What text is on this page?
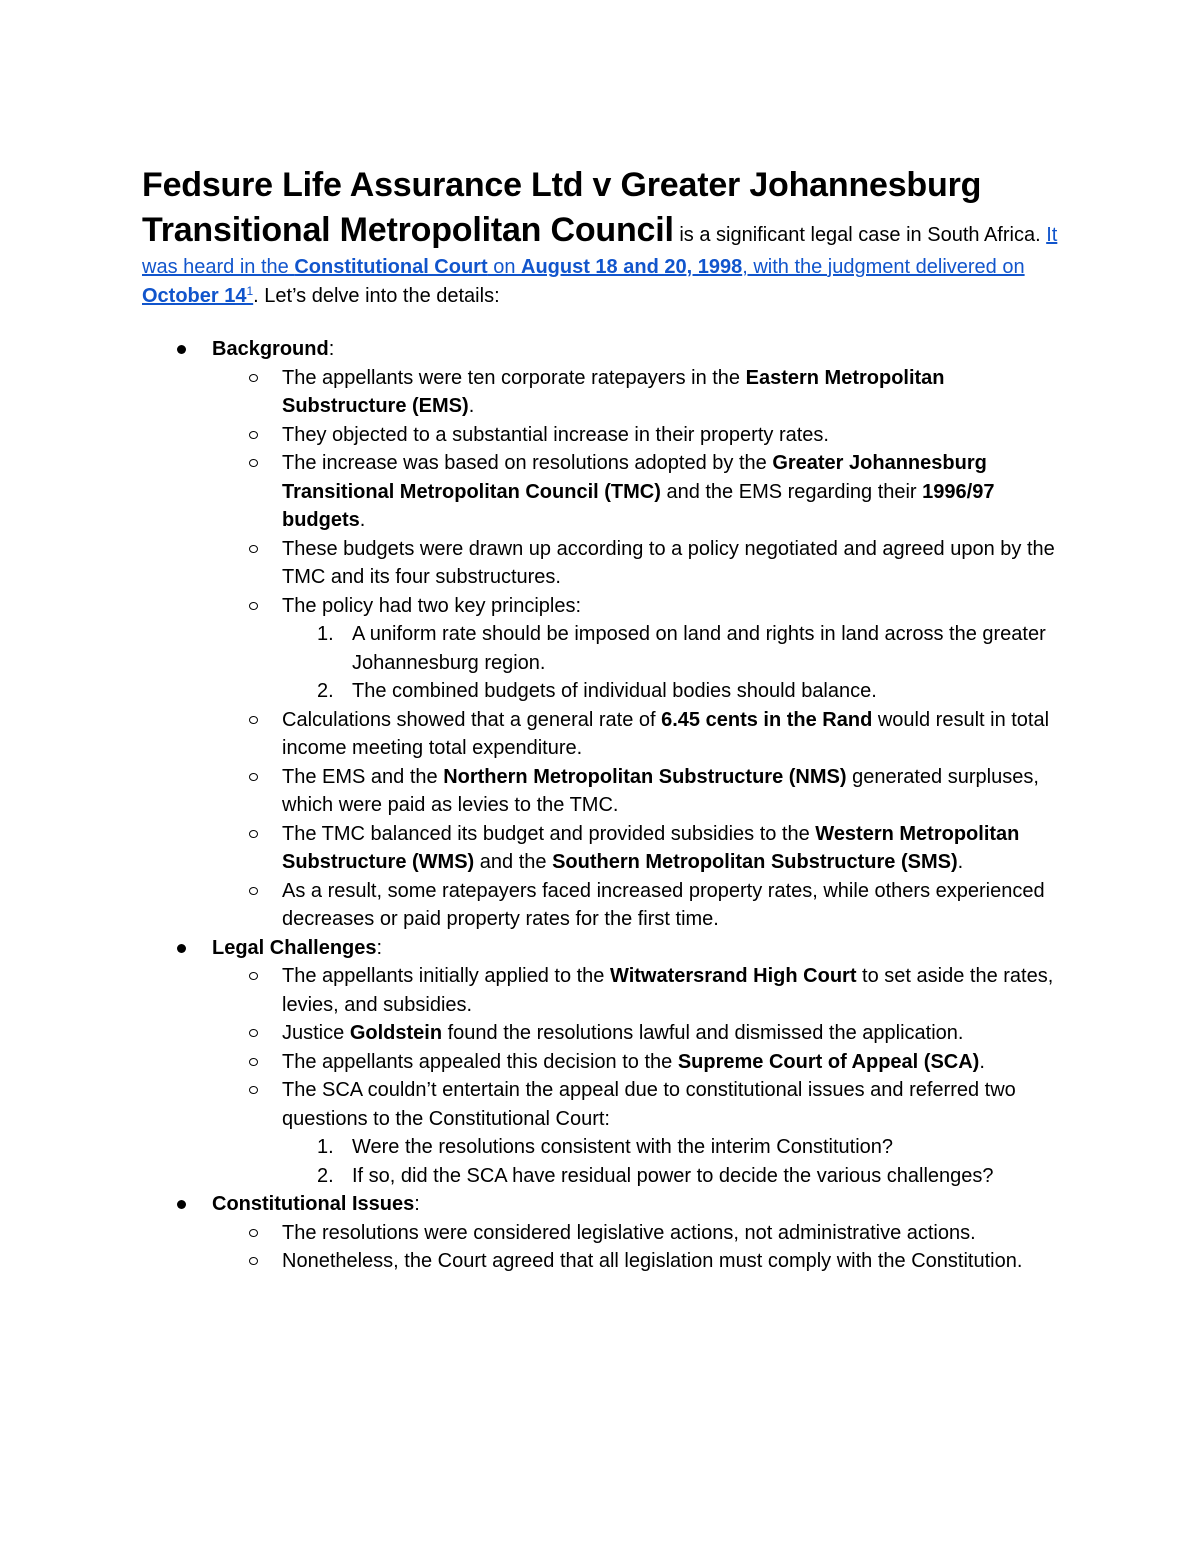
Fedsure Life Assurance Ltd v Greater Johannesburg
Transitional Metropolitan Council is a significant legal case in South Africa. It was heard in the Constitutional Court on August 18 and 20, 1998, with the judgment delivered on October $14^1$. Let’s delve into the details:

Background:
The appellants were ten corporate ratepayers in the Eastern Metropolitan Substructure (EMS).
They objected to a substantial increase in their property rates.
The increase was based on resolutions adopted by the Greater Johannesburg Transitional Metropolitan Council (TMC) and the EMS regarding their 1996/97 budgets.
These budgets were drawn up according to a policy negotiated and agreed upon by the TMC and its four substructures.
The policy had two key principles:
1. A uniform rate should be imposed on land and rights in land across the greater Johannesburg region.
2. The combined budgets of individual bodies should balance.
Calculations showed that a general rate of 6.45 cents in the Rand would result in total income meeting total expenditure.
The EMS and the Northern Metropolitan Substructure (NMS) generated surpluses, which were paid as levies to the TMC.
The TMC balanced its budget and provided subsidies to the Western Metropolitan Substructure (WMS) and the Southern Metropolitan Substructure (SMS).
As a result, some ratepayers faced increased property rates, while others experienced decreases or paid property rates for the first time.
Legal Challenges:
The appellants initially applied to the Witwatersrand High Court to set aside the rates, levies, and subsidies.
Justice Goldstein found the resolutions lawful and dismissed the application.
The appellants appealed this decision to the Supreme Court of Appeal (SCA).
The SCA couldn’t entertain the appeal due to constitutional issues and referred two questions to the Constitutional Court:
1. Were the resolutions consistent with the interim Constitution?
2. If so, did the SCA have residual power to decide the various challenges?
Constitutional Issues:
The resolutions were considered legislative actions, not administrative actions.
Nonetheless, the Court agreed that all legislation must comply with the Constitution.
